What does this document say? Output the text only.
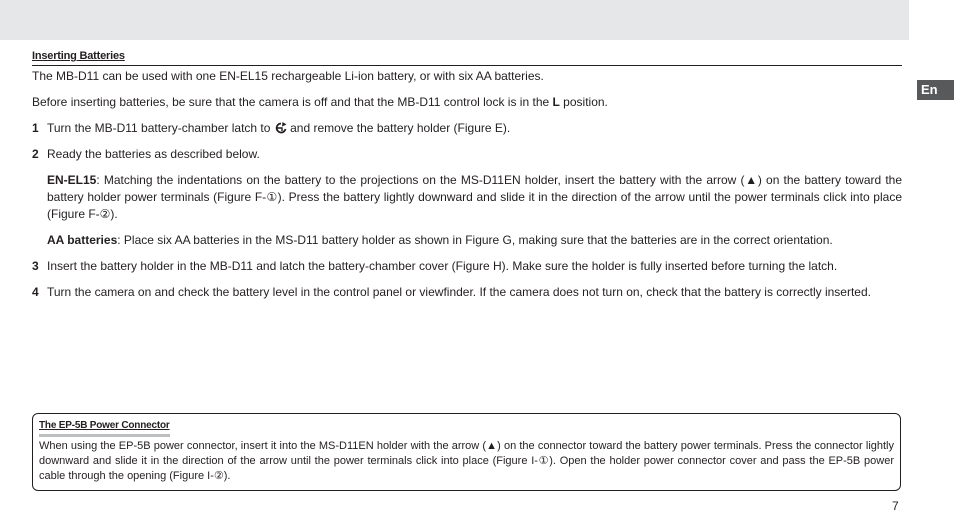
En
Inserting Batteries

The MB-D11 can be used with one EN-EL15 rechargeable Li-ion battery, or with six AA batteries.

Before inserting batteries, be sure that the camera is off and that the MB-D11 control lock is in the L position.

1 Turn the MB-D11 battery-chamber latch to  and remove the battery holder (Figure E).
2 Ready the batteries as described below.

EN-EL15: Matching the indentations on the battery to the projections on the MS-D11EN holder, insert the battery with the arrow (▲) on the battery toward the battery holder power terminals (Figure F-①). Press the battery lightly downward and slide it in the direction of the arrow until the power terminals click into place (Figure F-②).

AA batteries: Place six AA batteries in the MS-D11 battery holder as shown in Figure G, making sure that the batteries are in the correct orientation.

3 Insert the battery holder in the MB-D11 and latch the battery-chamber cover (Figure H). Make sure the holder is fully inserted before turning the latch.
4 Turn the camera on and check the battery level in the control panel or viewfinder. If the camera does not turn on, check that the battery is correctly inserted.
The EP-5B Power Connector
When using the EP-5B power connector, insert it into the MS-D11EN holder with the arrow (▲) on the connector toward the battery power terminals. Press the connector lightly downward and slide it in the direction of the arrow until the power terminals click into place (Figure I-①). Open the holder power connector cover and pass the EP-5B power cable through the opening (Figure I-②).
7
